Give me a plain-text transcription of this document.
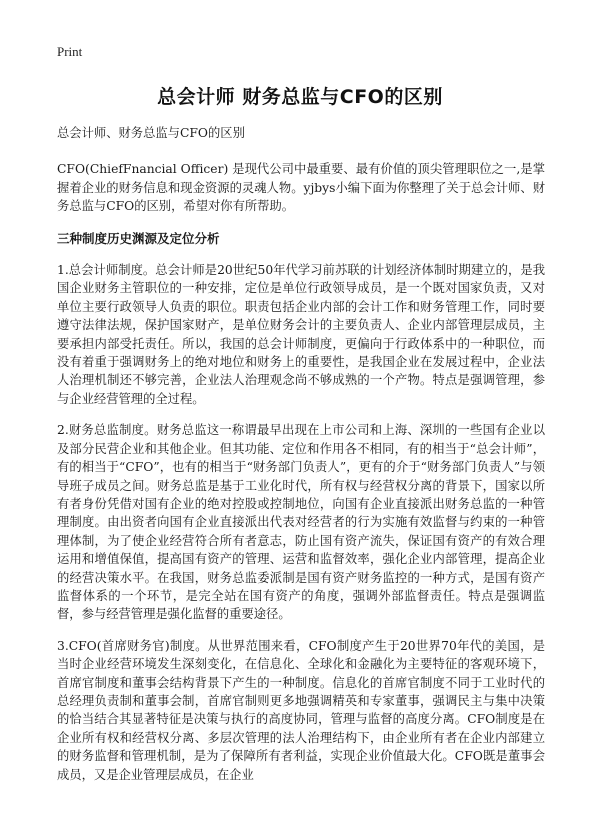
Print
总会计师 财务总监与CFO的区别

总会计师、财务总监与CFO的区别

CFO(ChiefFnancial Officer) 是现代公司中最重要、最有价值的顶尖管理职位之一,是掌握着企业的财务信息和现金资源的灵魂人物。yjbys小编下面为你整理了关于总会计师、财务总监与CFO的区别，希望对你有所帮助。

三种制度历史渊源及定位分析

1.总会计师制度。总会计师是20世纪50年代学习前苏联的计划经济体制时期建立的，是我国企业财务主管职位的一种安排，定位是单位行政领导成员，是一个既对国家负责，又对单位主要行政领导人负责的职位。职责包括企业内部的会计工作和财务管理工作，同时要遵守法律法规，保护国家财产，是单位财务会计的主要负责人、企业内部管理层成员，主要承担内部受托责任。所以，我国的总会计师制度，更偏向于行政体系中的一种职位，而没有着重于强调财务上的绝对地位和财务上的重要性，是我国企业在发展过程中，企业法人治理机制还不够完善，企业法人治理观念尚不够成熟的一个产物。特点是强调管理，参与企业经营管理的全过程。

2.财务总监制度。财务总监这一称谓最早出现在上市公司和上海、深圳的一些国有企业以及部分民营企业和其他企业。但其功能、定位和作用各不相同，有的相当于“总会计师”，有的相当于“CFO”，也有的相当于“财务部门负责人”，更有的介于“财务部门负责人”与领导班子成员之间。财务总监是基于工业化时代，所有权与经营权分离的背景下，国家以所有者身份凭借对国有企业的绝对控股或控制地位，向国有企业直接派出财务总监的一种管理制度。由出资者向国有企业直接派出代表对经营者的行为实施有效监督与约束的一种管理体制，为了使企业经营符合所有者意志，防止国有资产流失，保证国有资产的有效合理运用和增值保值，提高国有资产的管理、运营和监督效率，强化企业内部管理，提高企业的经营决策水平。在我国，财务总监委派制是国有资产财务监控的一种方式，是国有资产监督体系的一个环节，是完全站在国有资产的角度，强调外部监督责任。特点是强调监督，参与经营管理是强化监督的重要途径。

3.CFO(首席财务官)制度。从世界范围来看，CFO制度产生于20世界70年代的美国，是当时企业经营环境发生深刻变化，在信息化、全球化和金融化为主要特征的客观环境下，首席官制度和董事会结构背景下产生的一种制度。信息化的首席官制度不同于工业时代的总经理负责制和董事会制，首席官制则更多地强调精英和专家董事，强调民主与集中决策的恰当结合其显著特征是决策与执行的高度协同，管理与监督的高度分离。CFO制度是在企业所有权和经营权分离、多层次管理的法人治理结构下，由企业所有者在企业内部建立的财务监督和管理机制，是为了保障所有者利益，实现企业价值最大化。CFO既是董事会成员，又是企业管理层成员，在企业
